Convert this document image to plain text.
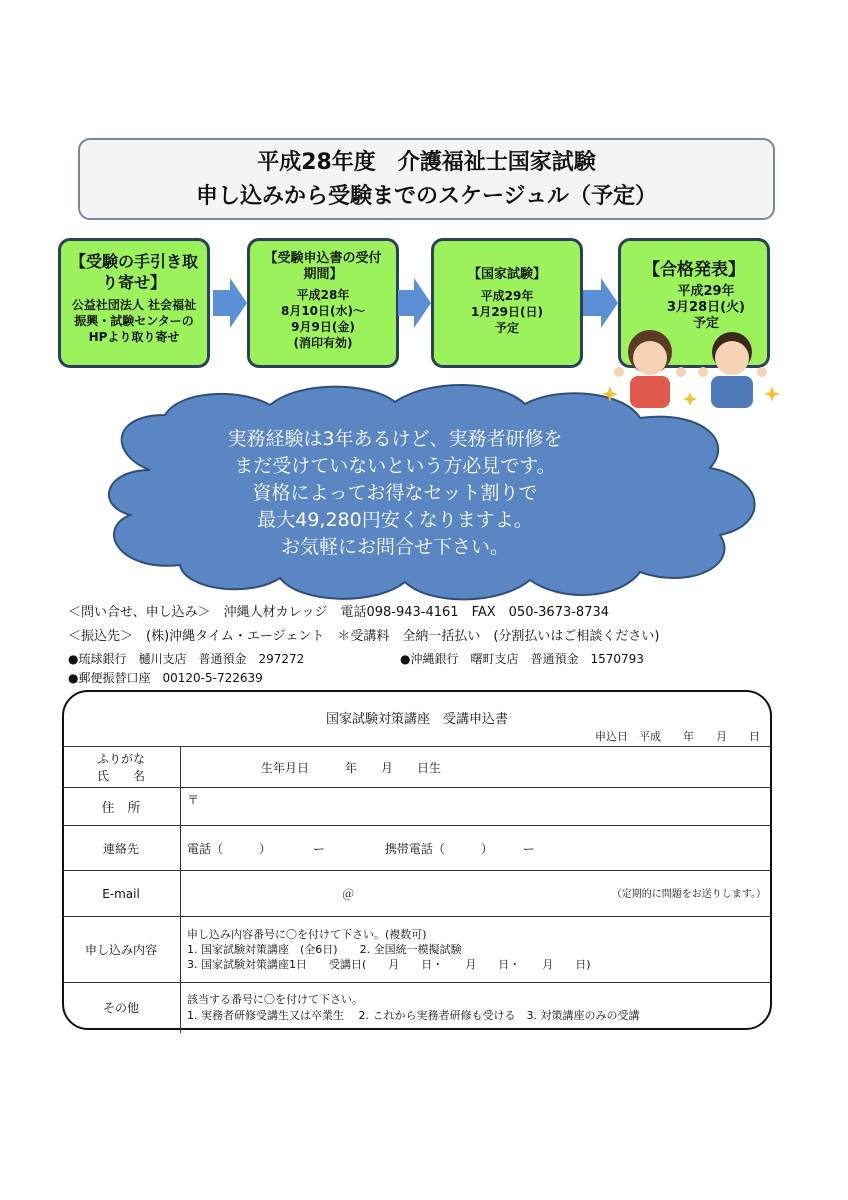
平成28年度　介護福祉士国家試験
申し込みから受験までのスケージュル（予定）
【受験の手引き取り寄せ】
公益社団法人 社会福祉振興・試験センターのHPより取り寄せ
【受験申込書の受付期間】
平成28年
8月10日(水)～
9月9日(金)
(消印有効)
【国家試験】
平成29年
1月29日(日)
予定
【合格発表】
平成29年
3月28日(火)
予定
実務経験は3年あるけど、実務者研修を
まだ受けていないという方必見です。
資格によってお得なセット割りで
最大49,280円安くなりますよ。
お気軽にお問合せ下さい。
＜問い合せ、申し込み＞　沖縄人材カレッジ　電話098-943-4161　FAX　050-3673-8734
＜振込先＞　(株)沖縄タイム・エージェント　＊受講料　全納一括払い　(分割払いはご相談ください)
●琉球銀行　樋川支店　普通預金　297272	●沖縄銀行　曙町支店　普通預金　1570793
●郵便振替口座　00120-5-722639
国家試験対策講座　受講申込書
申込日　平成　　年　　月　　日
ふりがな
氏　　名	生年月日　　　年　　月　　日生
住　所	〒
連絡先	電話（　　　）　　　　ー 携帯電話（　　　）　　　ー
E-mail	＠ （定期的に問題をお送りします。）

申し込み内容	申し込み内容番号に〇を付けて下さい。(複数可)
1. 国家試験対策講座　(全6日)　　2. 全国統一模擬試験
3. 国家試験対策講座1日　　受講日(　　月　　日・　　月　　日・　　月　　日)

その他	該当する番号に〇を付けて下さい。
1. 実務者研修受講生又は卒業生　 2. これから実務者研修も受ける　3. 対策講座のみの受講
